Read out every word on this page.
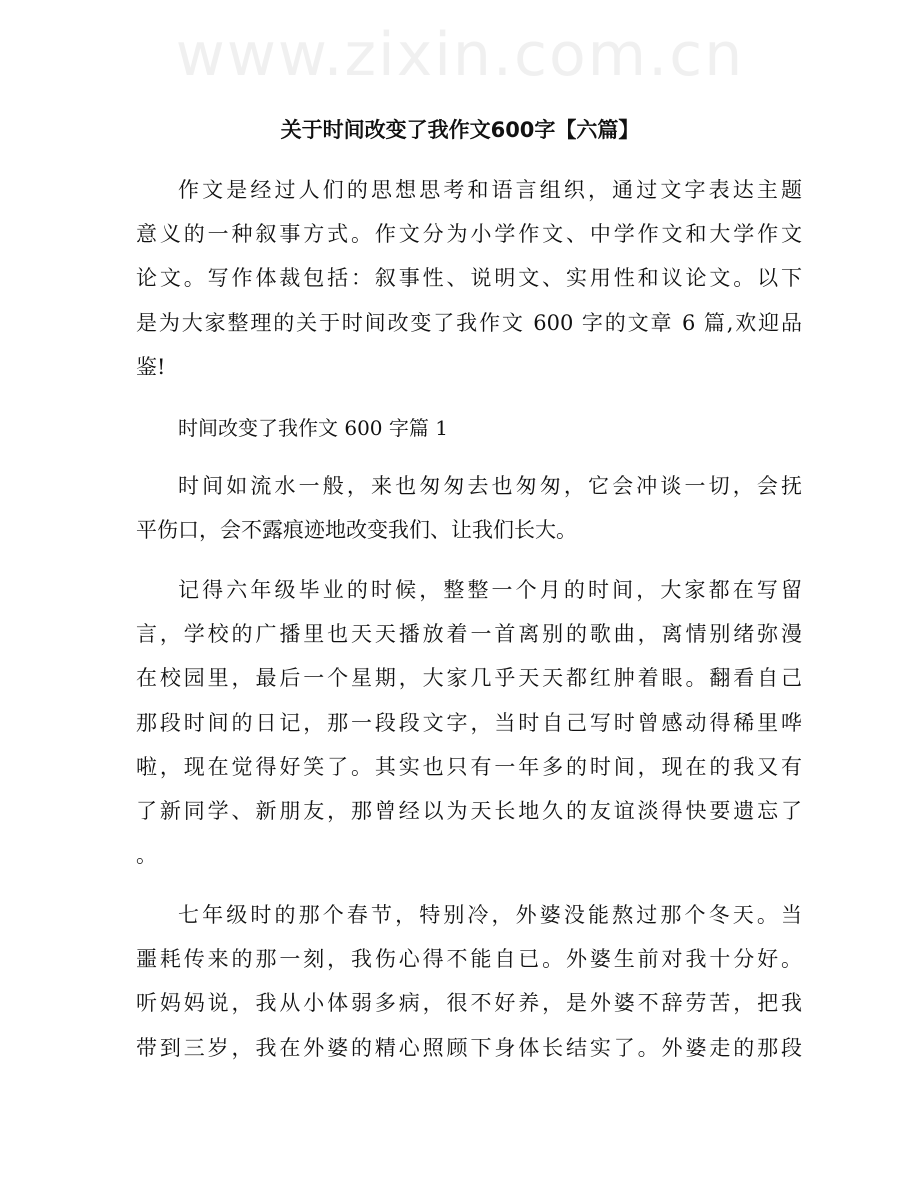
www.zixin.com.cn
关于时间改变了我作文600字【六篇】
作文是经过人们的思想思考和语言组织，通过文字表达主题
意义的一种叙事方式。作文分为小学作文、中学作文和大学作文
论文。写作体裁包括：叙事性、说明文、实用性和议论文。以下
是为大家整理的关于时间改变了我作文 600 字的文章 6 篇,欢迎品
鉴!
时间改变了我作文 600 字篇 1
时间如流水一般，来也匆匆去也匆匆，它会冲谈一切，会抚
平伤口，会不露痕迹地改变我们、让我们长大。
记得六年级毕业的时候，整整一个月的时间，大家都在写留
言，学校的广播里也天天播放着一首离别的歌曲，离情别绪弥漫
在校园里，最后一个星期，大家几乎天天都红肿着眼。翻看自己
那段时间的日记，那一段段文字，当时自己写时曾感动得稀里哗
啦，现在觉得好笑了。其实也只有一年多的时间，现在的我又有
了新同学、新朋友，那曾经以为天长地久的友谊淡得快要遗忘了
。
七年级时的那个春节，特别冷，外婆没能熬过那个冬天。当
噩耗传来的那一刻，我伤心得不能自已。外婆生前对我十分好。
听妈妈说，我从小体弱多病，很不好养，是外婆不辞劳苦，把我
带到三岁，我在外婆的精心照顾下身体长结实了。外婆走的那段
